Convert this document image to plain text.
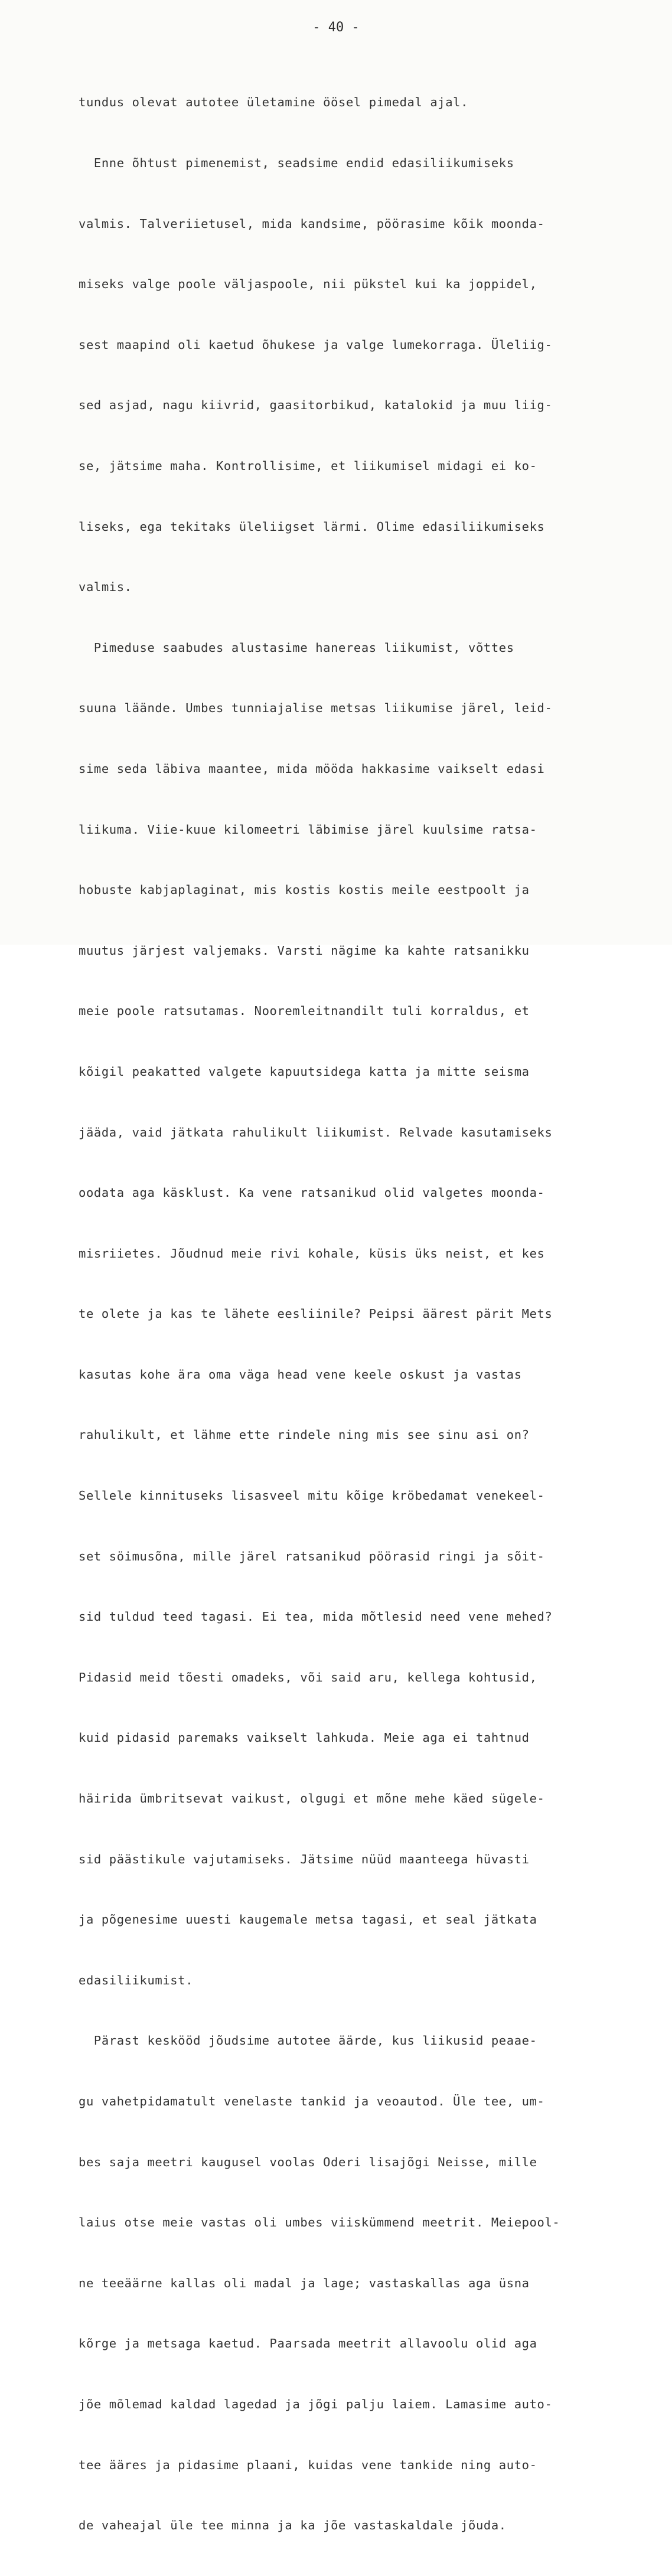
- 40 -

tundus olevat autotee ületamine öösel pimedal ajal.

Enne õhtust pimenemist, seadsime endid edasiliikumiseks

valmis. Talveriietusel, mida kandsime, pöörasime kõik moondа-

miseks valge poole väljaspoole, nii pükstel kui ka joppidel,

sest maapind oli kaetud õhukese ja valge lumekorraga. Üleliig-

sed asjad, nagu kiivrid, gaasitorbikud, katalokid ja muu liig-

se, jätsime maha. Kontrollisime, et liikumisel midagi ei ko-

liseks, ega tekitaks üleliigset lärmi. Olime edasiliikumiseks

valmis.

Pimeduse saabudes alustasime hanereas liikumist, võttes

suuna läände. Umbes tunniajalise metsas liikumise järel, leid-

sime seda läbiva maantee, mida mööda hakkasime vaikselt edasi

liikuma. Viie-kuue kilomeetri läbimise järel kuulsime ratsa-

hobuste kabjaplaginat, mis kostis kostis meile eestpoolt ja

muutus järjest valjemaks. Varsti nägime ka kahte ratsanikku

meie poole ratsutamas. Nooremleitnandilt tuli korraldus, et

kõigil peakatted valgete kapuutsidega katta ja mitte seisma

jääda, vaid jätkata rahulikult liikumist. Relvade kasutamiseks

oodata aga käsklust. Ka vene ratsanikud olid valgetes moonda-

misriietes. Jõudnud meie rivi kohale, küsis üks neist, et kes

te olete ja kas te lähete eesliinile? Peipsi äärest pärit Mets

kasutas kohe ära oma väga head vene keele oskust ja vastas

rahulikult, et lähme ette rindele ning mis see sinu asi on?

Sellele kinnituseks lisasveel mitu kõige kröbedamat venekeel-

set söimusõna, mille järel ratsanikud pöörasid ringi ja sõit-

sid tuldud teed tagasi. Ei tea, mida mõtlesid need vene mehed?

Pidasid meid tõesti omadeks, või said aru, kellega kohtusid,

kuid pidasid paremaks vaikselt lahkuda. Meie aga ei tahtnud

häirida ümbritsevat vaikust, olgugi et mõne mehe käed sügele-

sid päästikule vajutamiseks. Jätsime nüüd maanteega hüvasti

ja põgenesime uuesti kaugemale metsa tagasi, et seal jätkata

edasiliikumist.

Pärast keskööd jõudsime autotee äärde, kus liikusid peaae-

gu vahetpidamatult venelaste tankid ja veoautod. Üle tee, um-

bes saja meetri kaugusel voolas Oderi lisajõgi Neisse, mille

laius otse meie vastas oli umbes viiskümmend meetrit. Meiepool-

ne teeäärne kallas oli madal ja lage; vastaskallas aga üsna

kõrge ja metsaga kaetud. Paarsada meetrit allavoolu olid aga

jõe mõlemad kaldad lagedad ja jõgi palju laiem. Lamasime auto-

tee ääres ja pidasime plaani, kuidas vene tankide ning auto-

de vaheajal üle tee minna ja ka jõe vastaskaldale jõuda.
